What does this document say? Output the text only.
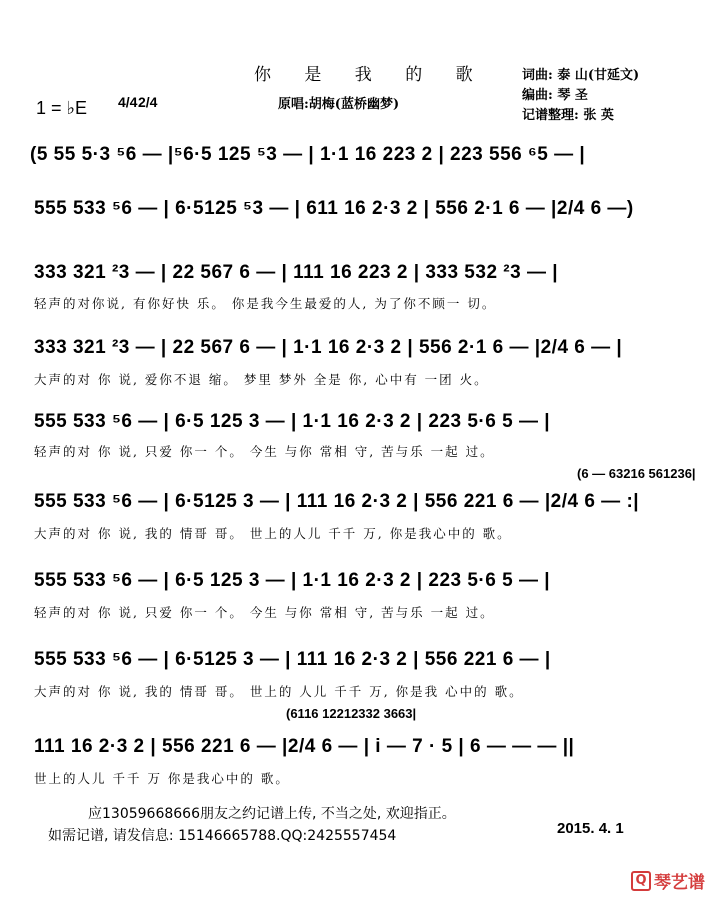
你 是 我 的 歌
原唱:胡梅(蓝桥幽梦)
词曲: 泰 山(甘延文)
编曲: 琴 圣
记谱整理: 张 英
1 = ♭E 4/4 2/4
(5 55 5·3 ⁵6 — |⁵6·5 125 ⁵3 — | 1·1 16 223 2 | 223 556 ⁶5 — |
555 533 ⁵6 — | 6·5125 ⁵3 — | 611 16 2·3 2 | 556 2·1 6 — |2/4 6 —)
333 321 ²3 — | 22 567 6 — | 111 16 223 2 | 333 532 ²3 — |
轻声的对你说, 有你好快 乐。 你是我今生最爱的人, 为了你不顾一 切。
333 321 ²3 — | 22 567 6 — | 1·1 16 2·3 2 | 556 2·1 6 — |2/4 6 — |
大声的对 你 说, 爱你不退 缩。 梦里 梦外 全是 你, 心中有 一团 火。
555 533 ⁵6 — | 6·5 125 3 — | 1·1 16 2·3 2 | 223 5·6 5 — |
轻声的对 你 说, 只爱 你一 个。 今生 与你 常相 守, 苦与乐 一起 过。
(6 — 63216 561236|
555 533 ⁵6 — | 6·5125 3 — | 111 16 2·3 2 | 556 221 6 — |2/4 6 — :|
大声的对 你 说, 我的 情哥 哥。 世上的人儿 千千 万, 你是我心中的 歌。
555 533 ⁵6 — | 6·5 125 3 — | 1·1 16 2·3 2 | 223 5·6 5 — |
轻声的对 你 说, 只爱 你一 个。 今生 与你 常相 守, 苦与乐 一起 过。
555 533 ⁵6 — | 6·5125 3 — | 111 16 2·3 2 | 556 221 6 — |
大声的对 你 说, 我的 情哥 哥。 世上的 人儿 千千 万, 你是我 心中的 歌。
(6116 12212332 3663|
111 16 2·3 2 | 556 221 6 — |2/4 6 — | i — 7 · 5 | 6 — — — ||
世上的人儿 千千 万 你是我心中的 歌。
应13059668666朋友之约记谱上传, 不当之处, 欢迎指正。
如需记谱, 请发信息: 15146665788.QQ:2425557454	2015. 4. 1
Q 琴艺谱
